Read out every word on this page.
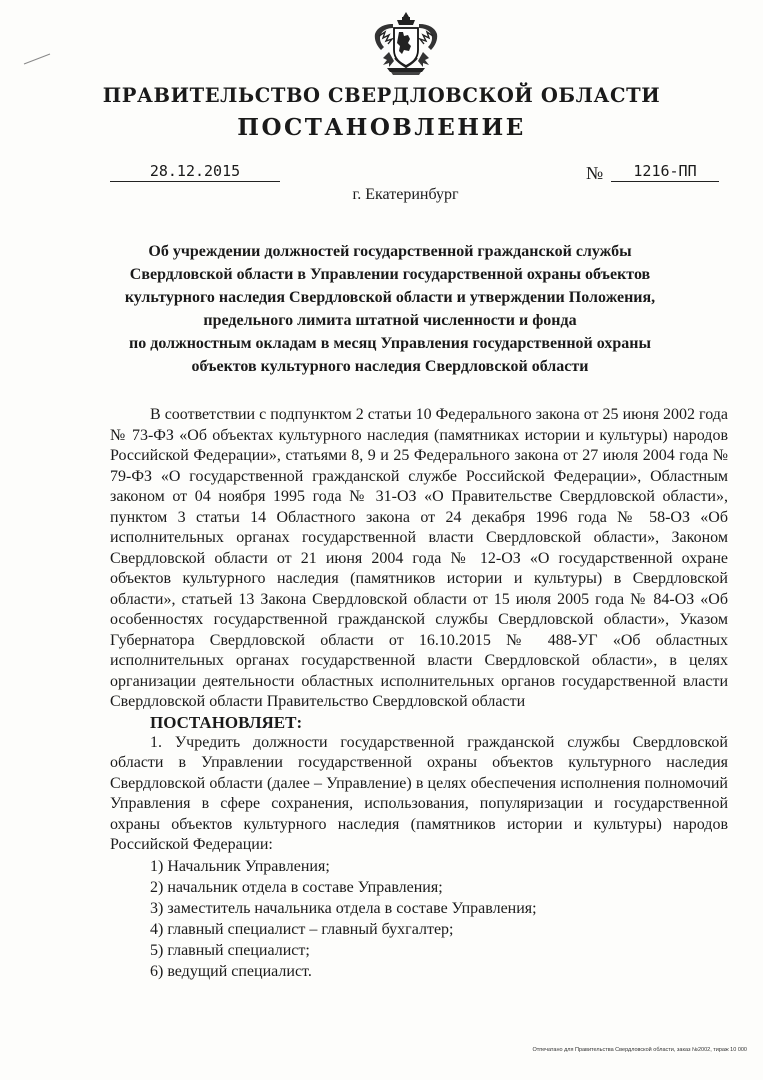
ПРАВИТЕЛЬСТВО СВЕРДЛОВСКОЙ ОБЛАСТИ
ПОСТАНОВЛЕНИЕ
28.12.2015	№	1216-ПП
г. Екатеринбург
Об учреждении должностей государственной гражданской службы
Свердловской области в Управлении государственной охраны объектов
культурного наследия Свердловской области и утверждении Положения,
предельного лимита штатной численности и фонда
по должностным окладам в месяц Управления государственной охраны
объектов культурного наследия Свердловской области

В соответствии с подпунктом 2 статьи 10 Федерального закона от 25 июня 2002 года № 73-ФЗ «Об объектах культурного наследия (памятниках истории и культуры) народов Российской Федерации», статьями 8, 9 и 25 Федерального закона от 27 июля 2004 года № 79-ФЗ «О государственной гражданской службе Российской Федерации», Областным законом от 04 ноября 1995 года № 31-ОЗ «О Правительстве Свердловской области», пунктом 3 статьи 14 Областного закона от 24 декабря 1996 года № 58-ОЗ «Об исполнительных органах государственной власти Свердловской области», Законом Свердловской области от 21 июня 2004 года № 12-ОЗ «О государственной охране объектов культурного наследия (памятников истории и культуры) в Свердловской области», статьей 13 Закона Свердловской области от 15 июля 2005 года № 84-ОЗ «Об особенностях государственной гражданской службы Свердловской области», Указом Губернатора Свердловской области от 16.10.2015 № 488-УГ «Об областных исполнительных органах государственной власти Свердловской области», в целях организации деятельности областных исполнительных органов государственной власти Свердловской области Правительство Свердловской области

ПОСТАНОВЛЯЕТ:

1. Учредить должности государственной гражданской службы Свердловской области в Управлении государственной охраны объектов культурного наследия Свердловской области (далее – Управление) в целях обеспечения исполнения полномочий Управления в сфере сохранения, использования, популяризации и государственной охраны объектов культурного наследия (памятников истории и культуры) народов Российской Федерации:

1) Начальник Управления;
2) начальник отдела в составе Управления;
3) заместитель начальника отдела в составе Управления;
4) главный специалист – главный бухгалтер;
5) главный специалист;
6) ведущий специалист.
Отпечатано для Правительства Свердловской области, заказ №2002, тираж 10 000
